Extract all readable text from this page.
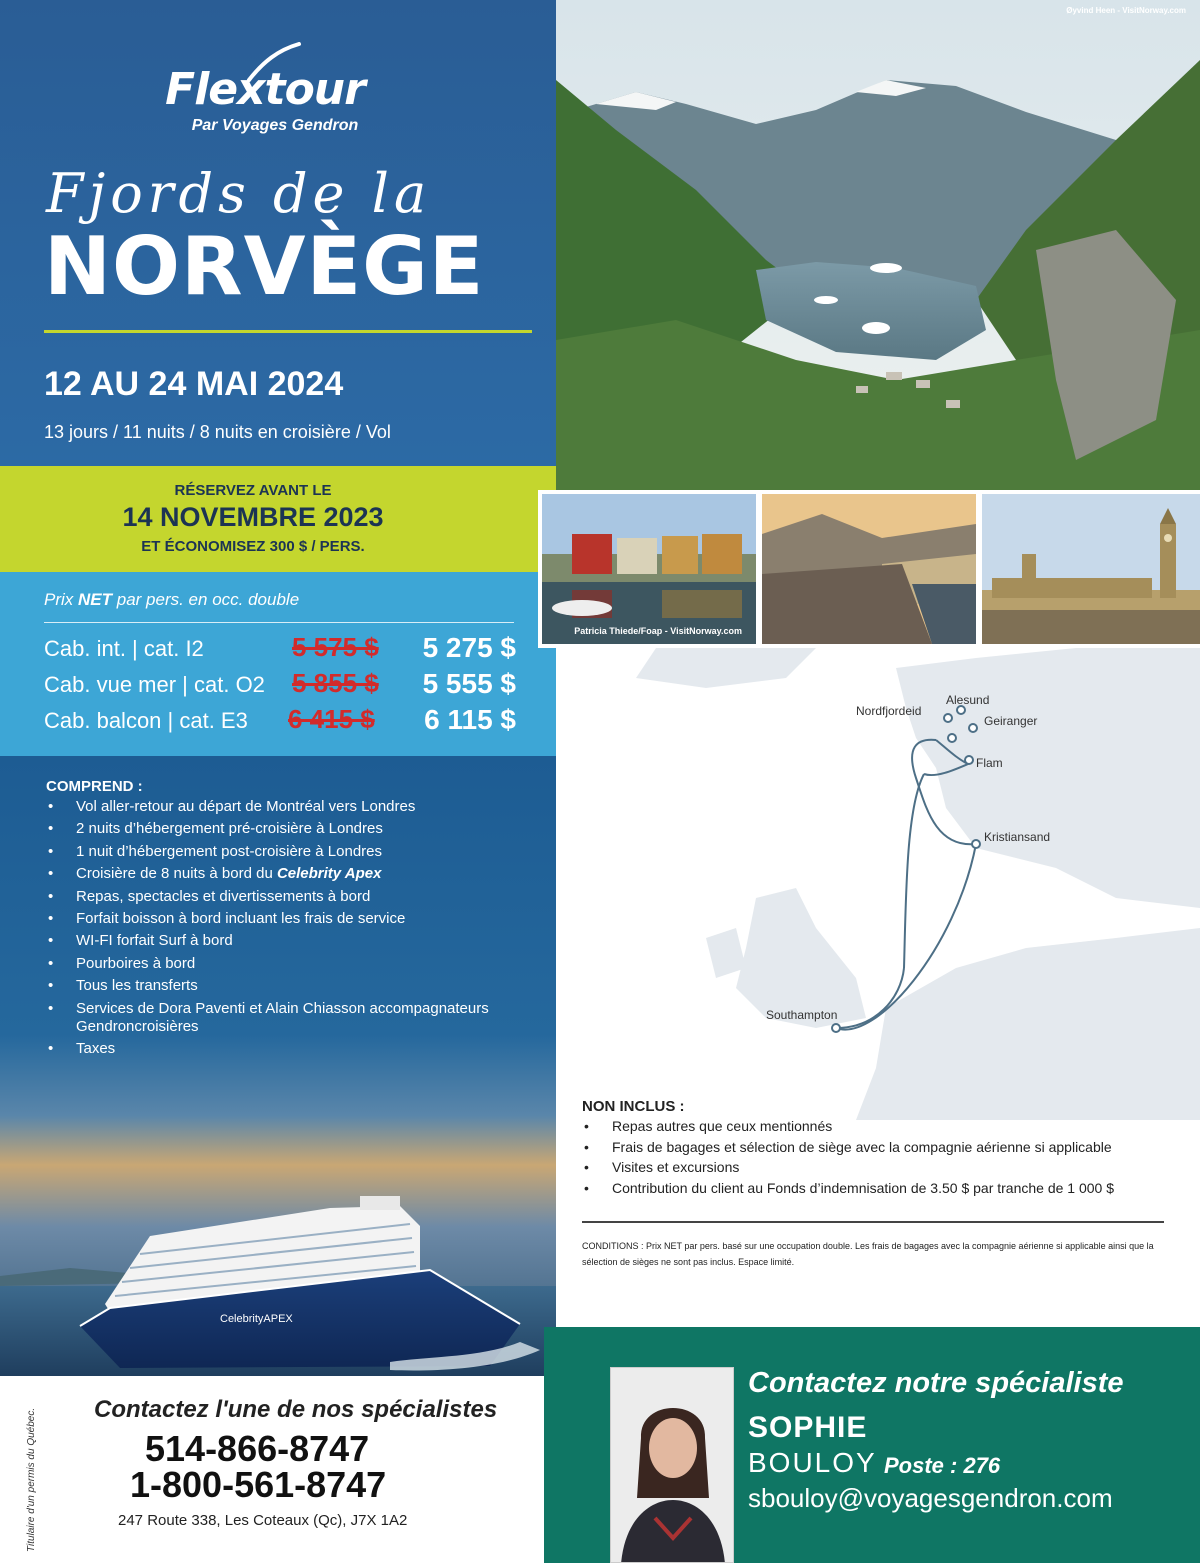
Flextour
Par Voyages Gendron
Fjords de la
NORVÈGE
12 AU 24 MAI 2024
13 jours / 11 nuits / 8 nuits en croisière / Vol
RÉSERVEZ AVANT LE
14 NOVEMBRE 2023
ET ÉCONOMISEZ 300 $ / PERS.
Prix NET par pers. en occ. double
Cab. int. | cat. I2	5 575 $ 5 275 $
Cab. vue mer | cat. O2 5 855 $ 5 555 $
Cab. balcon | cat. E3 6 415 $ 6 115 $
COMPREND :
• Vol aller-retour au départ de Montréal vers Londres
• 2 nuits d’hébergement pré-croisière à Londres
• 1 nuit d’hébergement post-croisière à Londres
• Croisière de 8 nuits à bord du Celebrity Apex
• Repas, spectacles et divertissements à bord
• Forfait boisson à bord incluant les frais de service
• WI-FI forfait Surf à bord
• Pourboires à bord
• Tous les transferts
• Services de Dora Paventi et Alain Chiasson accompagnateurs Gendroncroisières
• Taxes
CelebrityAPEX
Titulaire d'un permis du Québec. Contactez l'une de nos spécialistes
514-866-8747
1-800-561-8747
247 Route 338, Les Coteaux (Qc), J7X 1A2
Øyvind Heen - VisitNorway.com
Patricia Thiede/Foap - VisitNorway.com
Alesund
Nordfjordeid
Geiranger
Flam
Kristiansand
Southampton
NON INCLUS :
• Repas autres que ceux mentionnés
• Frais de bagages et sélection de siège avec la compagnie aérienne si applicable
• Visites et excursions
• Contribution du client au Fonds d’indemnisation de 3.50 $ par tranche de 1 000 $
CONDITIONS : Prix NET par pers. basé sur une occupation double. Les frais de bagages avec la compagnie aérienne si applicable ainsi que la sélection de sièges ne sont pas inclus. Espace limité.
Contactez notre spécialiste
SOPHIE
BOULOY Poste : 276
sbouloy@voyagesgendron.com
